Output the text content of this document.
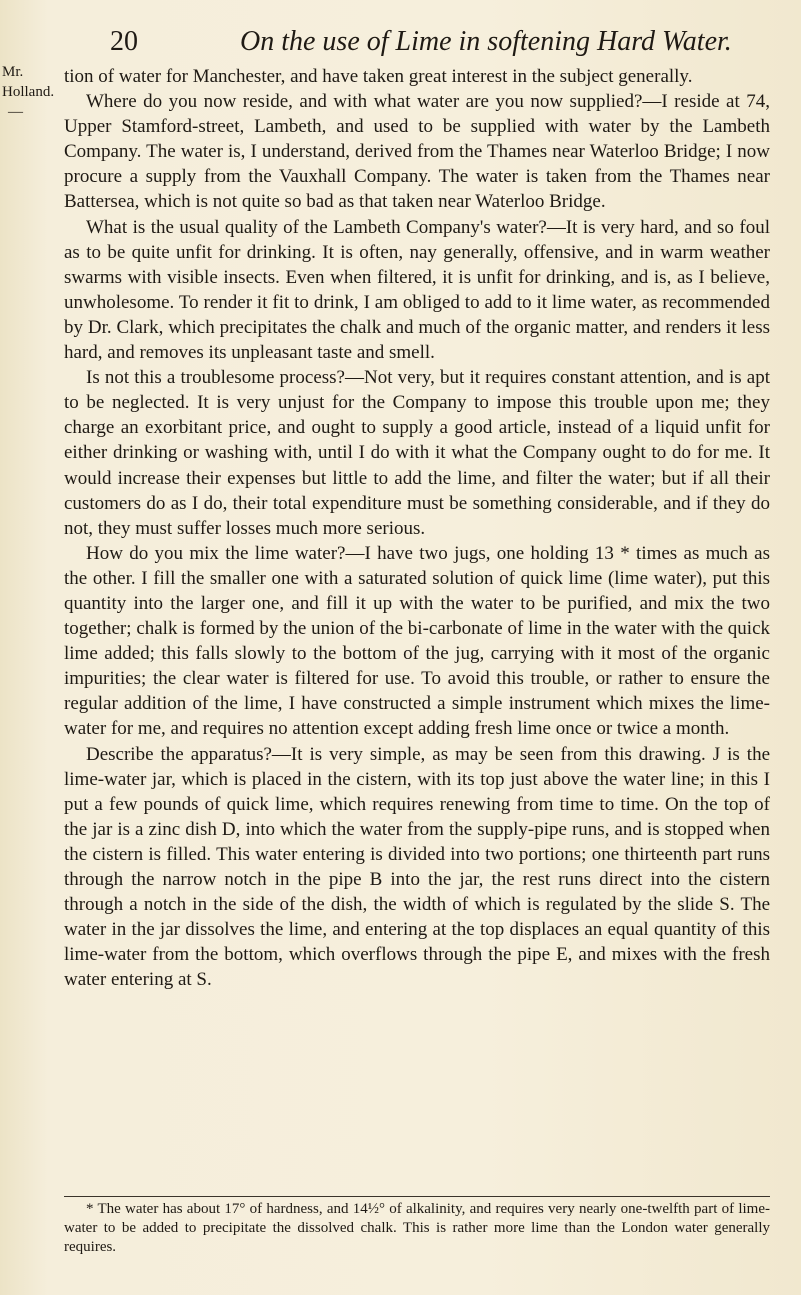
20	On the use of Lime in softening Hard Water.
Mr. Holland.
—

tion of water for Manchester, and have taken great interest in the subject generally.

Where do you now reside, and with what water are you now supplied?—I reside at 74, Upper Stamford-street, Lambeth, and used to be supplied with water by the Lambeth Company. The water is, I understand, derived from the Thames near Waterloo Bridge; I now procure a supply from the Vauxhall Company. The water is taken from the Thames near Battersea, which is not quite so bad as that taken near Waterloo Bridge.

What is the usual quality of the Lambeth Company's water?—It is very hard, and so foul as to be quite unfit for drinking. It is often, nay generally, offensive, and in warm weather swarms with visible insects. Even when filtered, it is unfit for drinking, and is, as I believe, unwholesome. To render it fit to drink, I am obliged to add to it lime water, as recommended by Dr. Clark, which precipitates the chalk and much of the organic matter, and renders it less hard, and removes its unpleasant taste and smell.

Is not this a troublesome process?—Not very, but it requires constant attention, and is apt to be neglected. It is very unjust for the Company to impose this trouble upon me; they charge an exorbitant price, and ought to supply a good article, instead of a liquid unfit for either drinking or washing with, until I do with it what the Company ought to do for me. It would increase their expenses but little to add the lime, and filter the water; but if all their customers do as I do, their total expenditure must be something considerable, and if they do not, they must suffer losses much more serious.

How do you mix the lime water?—I have two jugs, one holding 13 * times as much as the other. I fill the smaller one with a saturated solution of quick lime (lime water), put this quantity into the larger one, and fill it up with the water to be purified, and mix the two together; chalk is formed by the union of the bi-carbonate of lime in the water with the quick lime added; this falls slowly to the bottom of the jug, carrying with it most of the organic impurities; the clear water is filtered for use. To avoid this trouble, or rather to ensure the regular addition of the lime, I have constructed a simple instrument which mixes the lime-water for me, and requires no attention except adding fresh lime once or twice a month.

Describe the apparatus?—It is very simple, as may be seen from this drawing. J is the lime-water jar, which is placed in the cistern, with its top just above the water line; in this I put a few pounds of quick lime, which requires renewing from time to time. On the top of the jar is a zinc dish D, into which the water from the supply-pipe runs, and is stopped when the cistern is filled. This water entering is divided into two portions; one thirteenth part runs through the narrow notch in the pipe B into the jar, the rest runs direct into the cistern through a notch in the side of the dish, the width of which is regulated by the slide S. The water in the jar dissolves the lime, and entering at the top displaces an equal quantity of this lime-water from the bottom, which overflows through the pipe E, and mixes with the fresh water entering at S.

* The water has about 17° of hardness, and 14½° of alkalinity, and requires very nearly one-twelfth part of lime-water to be added to precipitate the dissolved chalk. This is rather more lime than the London water generally requires.
